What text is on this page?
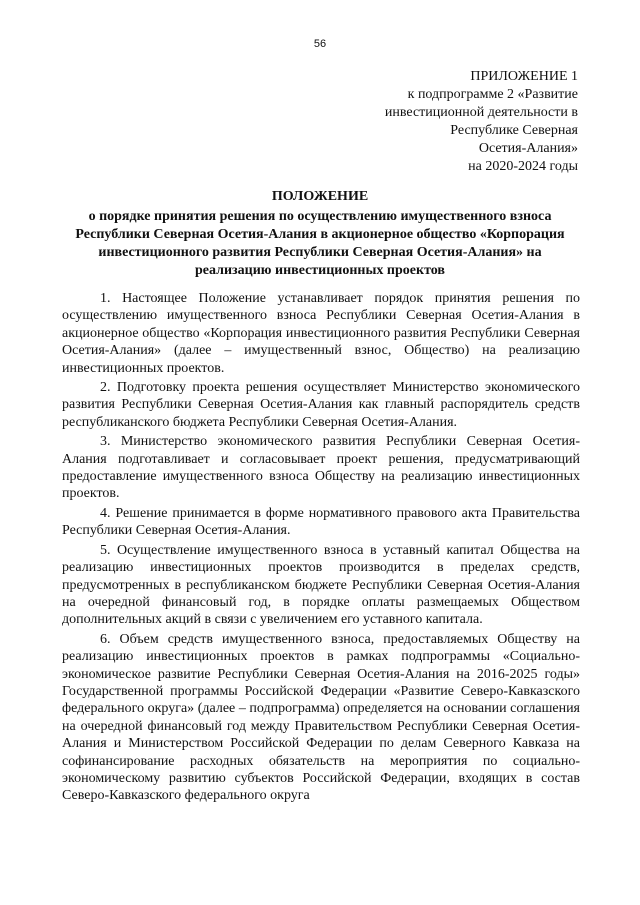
56
ПРИЛОЖЕНИЕ 1
к подпрограмме 2 «Развитие
инвестиционной деятельности в
Республике Северная
Осетия-Алания»
на 2020-2024 годы
ПОЛОЖЕНИЕ
о порядке принятия решения по осуществлению имущественного взноса Республики Северная Осетия-Алания в акционерное общество «Корпорация инвестиционного развития Республики Северная Осетия-Алания» на реализацию инвестиционных проектов

1. Настоящее Положение устанавливает порядок принятия решения по осуществлению имущественного взноса Республики Северная Осетия-Алания в акционерное общество «Корпорация инвестиционного развития Республики Северная Осетия-Алания» (далее – имущественный взнос, Общество) на реализацию инвестиционных проектов.

2. Подготовку проекта решения осуществляет Министерство экономического развития Республики Северная Осетия-Алания как главный распорядитель средств республиканского бюджета Республики Северная Осетия-Алания.

3. Министерство экономического развития Республики Северная Осетия-Алания подготавливает и согласовывает проект решения, предусматривающий предоставление имущественного взноса Обществу на реализацию инвестиционных проектов.

4. Решение принимается в форме нормативного правового акта Правительства Республики Северная Осетия-Алания.

5. Осуществление имущественного взноса в уставный капитал Общества на реализацию инвестиционных проектов производится в пределах средств, предусмотренных в республиканском бюджете Республики Северная Осетия-Алания на очередной финансовый год, в порядке оплаты размещаемых Обществом дополнительных акций в связи с увеличением его уставного капитала.

6. Объем средств имущественного взноса, предоставляемых Обществу на реализацию инвестиционных проектов в рамках подпрограммы «Социально-экономическое развитие Республики Северная Осетия-Алания на 2016-2025 годы» Государственной программы Российской Федерации «Развитие Северо-Кавказского федерального округа» (далее – подпрограмма) определяется на основании соглашения на очередной финансовый год между Правительством Республики Северная Осетия-Алания и Министерством Российской Федерации по делам Северного Кавказа на софинансирование расходных обязательств на мероприятия по социально-экономическому развитию субъектов Российской Федерации, входящих в состав Северо-Кавказского федерального округа
